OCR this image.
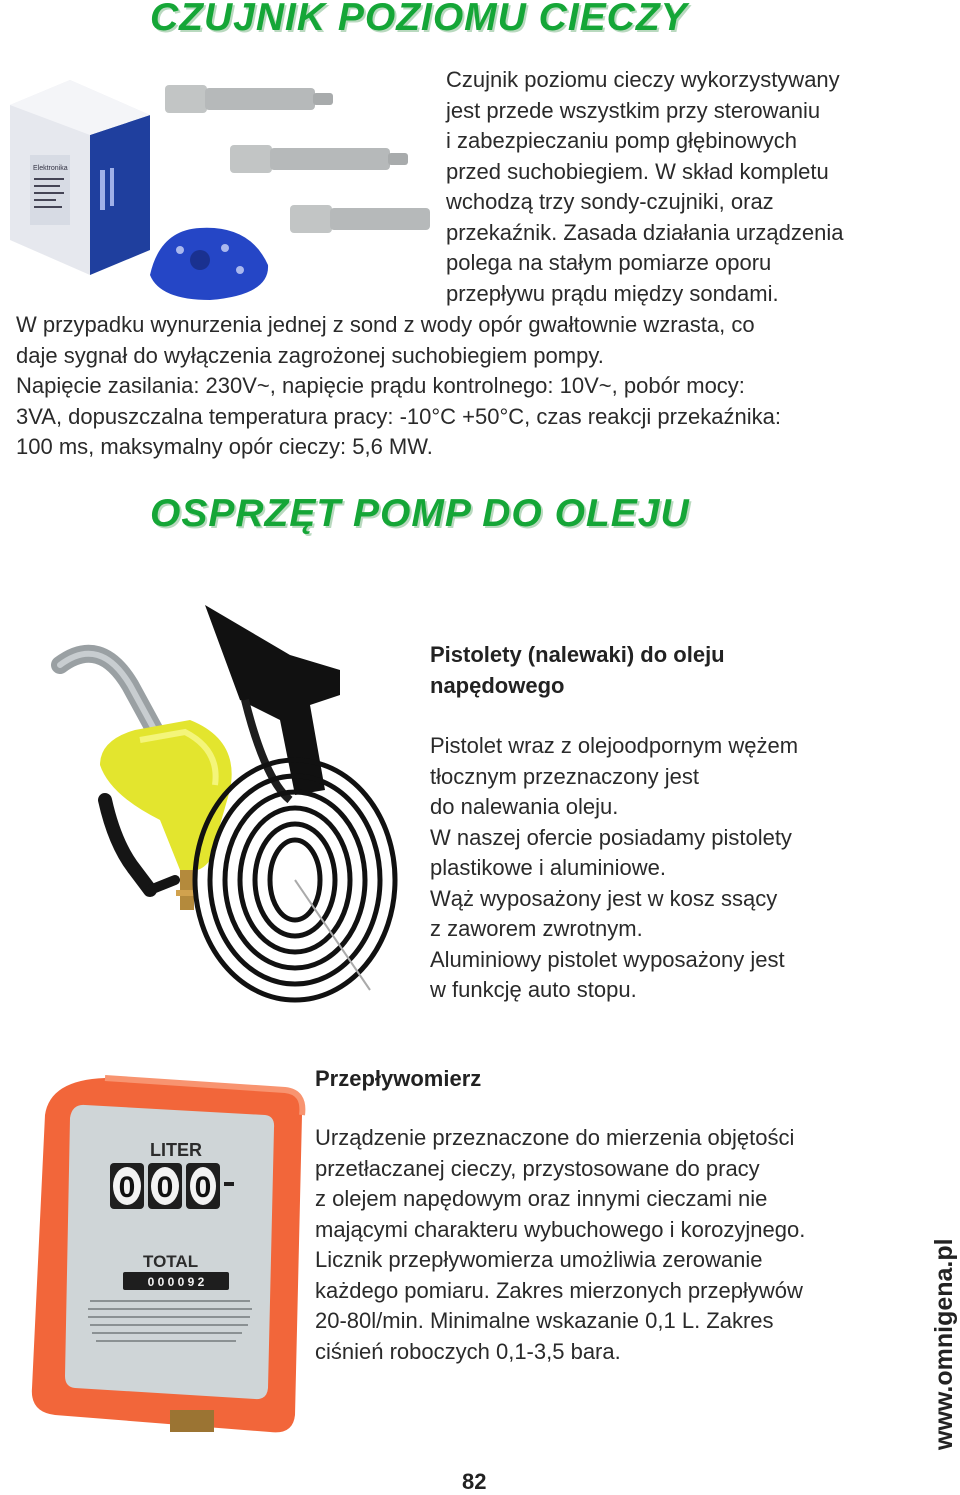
CZUJNIK POZIOMU CIECZY
Elektronika
Czujnik poziomu cieczy wykorzystywany
jest przede wszystkim przy sterowaniu
i zabezpieczaniu pomp głębinowych
przed suchobiegiem. W skład kompletu
wchodzą trzy sondy-czujniki, oraz
przekaźnik. Zasada działania urządzenia
polega na stałym pomiarze oporu
przepływu prądu między sondami.
W przypadku wynurzenia jednej z sond z wody opór gwałtownie wzrasta, co
daje sygnał do wyłączenia zagrożonej suchobiegiem pompy.
Napięcie zasilania: 230V~, napięcie prądu kontrolnego: 10V~, pobór mocy:
3VA, dopuszczalna temperatura pracy: -10°C +50°C, czas reakcji przekaźnika:
100 ms, maksymalny opór cieczy: 5,6 MW.
OSPRZĘT POMP DO OLEJU
Pistolety (nalewaki) do oleju
napędowego
Pistolet wraz z olejoodpornym wężem
tłocznym przeznaczony jest
do nalewania oleju.
W naszej ofercie posiadamy pistolety
plastikowe i aluminiowe.
Wąż wyposażony jest w kosz ssący
z zaworem zwrotnym.
Aluminiowy pistolet wyposażony jest
w funkcję auto stopu.
LITER
0 0 0
TOTAL
0 0 0 0 9 2
Przepływomierz
Urządzenie przeznaczone do mierzenia objętości
przetłaczanej cieczy, przystosowane do pracy
z olejem napędowym oraz innymi cieczami nie
mającymi charakteru wybuchowego i korozyjnego.
Licznik przepływomierza umożliwia zerowanie
każdego pomiaru. Zakres mierzonych przepływów
20-80l/min. Minimalne wskazanie 0,1 L. Zakres
ciśnień roboczych 0,1-3,5 bara.	www.omnigena.pl
82
